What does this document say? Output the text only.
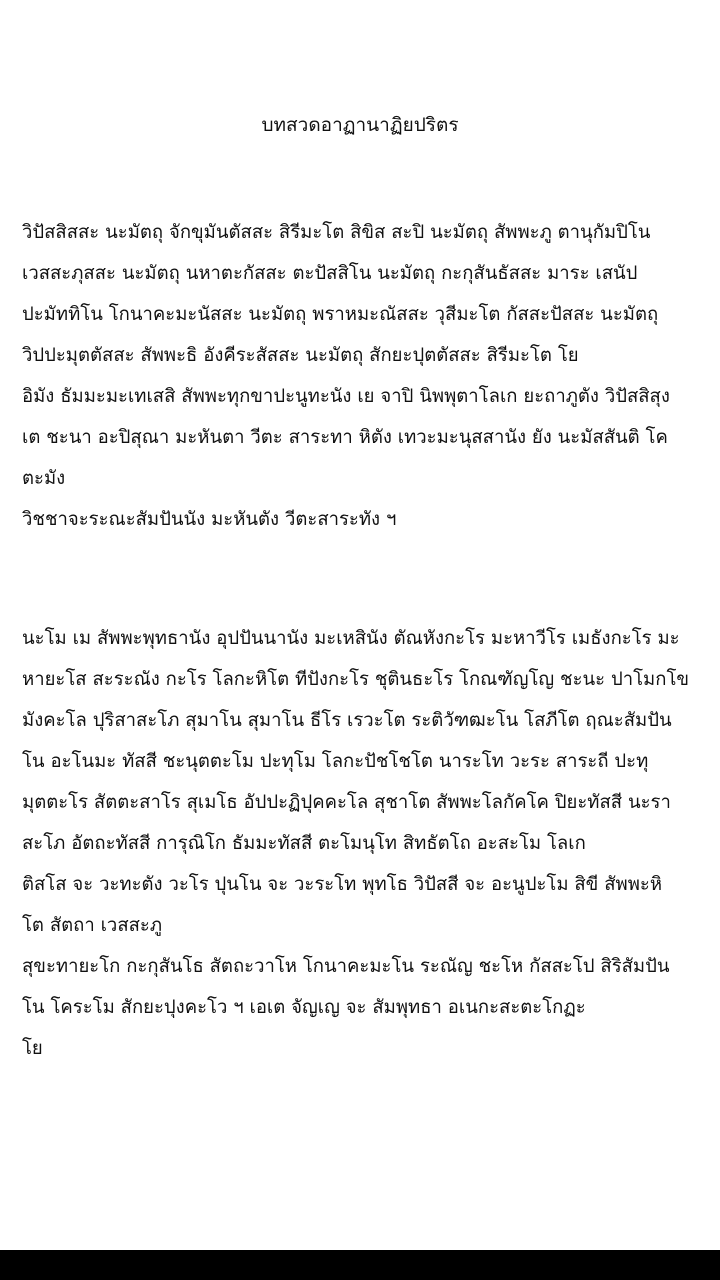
บทสวดอาฏานาฏิยปริตร
วิปัสสิสสะ นะมัตถุ จักขุมันตัสสะ สิรีมะโต สิขิส สะปิ นะมัตถุ สัพพะภู ตานุกัมปิโน
เวสสะภุสสะ นะมัตถุ นหาตะกัสสะ ตะปัสสิโน นะมัตถุ กะกุสันธัสสะ มาระ เสนัป
ปะมัททิโน โกนาคะมะนัสสะ นะมัตถุ พราหมะณัสสะ วุสีมะโต กัสสะปัสสะ นะมัตถุ
วิปปะมุตตัสสะ สัพพะธิ อังคีระสัสสะ นะมัตถุ สักยะปุตตัสสะ สิรีมะโต โย
อิมัง ธัมมะมะเทเสสิ สัพพะทุกขาปะนูทะนัง เย จาปิ นิพพุตาโลเก ยะถาภูตัง วิปัสสิสุง
เต ชะนา อะปิสุณา มะหันตา วีตะ สาระทา หิตัง เทวะมะนุสสานัง ยัง นะมัสสันติ โค
ตะมัง
วิชชาจะระณะสัมปันนัง มะหันตัง วีตะสาระทัง ฯ
นะโม เม สัพพะพุทธานัง อุปปันนานัง มะเหสินัง ตัณหังกะโร มะหาวีโร เมธังกะโร มะ
หายะโส สะระณัง กะโร โลกะหิโต ทีปังกะโร ชุตินธะโร โกณฑัญโญ ชะนะ ปาโมกโข
มังคะโล ปุริสาสะโภ สุมาโน สุมาโน ธีโร เรวะโต ระติวัฑฒะโน โสภีโต ฤณะสัมปัน
โน อะโนมะ ทัสสี ชะนุตตะโม ปะทุโม โลกะปัชโชโต นาระโท วะระ สาระถี ปะทุ
มุตตะโร สัตตะสาโร สุเมโธ อัปปะฏิปุคคะโล สุชาโต สัพพะโลกัคโค ปิยะทัสสี นะรา
สะโภ อัตถะทัสสี การุณิโก ธัมมะทัสสี ตะโมนุโท สิทธัตโถ อะสะโม โลเก
ติสโส จะ วะทะตัง วะโร ปุนโน จะ วะระโท พุทโธ วิปัสสี จะ อะนูปะโม สิขี สัพพะหิ
โต สัตถา เวสสะภู
สุขะทายะโก กะกุสันโธ สัตถะวาโห โกนาคะมะโน ระณัญ ชะโห กัสสะโป สิริสัมปัน
โน โคระโม สักยะปุงคะโว ฯ เอเต จัญเญ จะ สัมพุทธา อเนกะสะตะโกฏะ
โย
